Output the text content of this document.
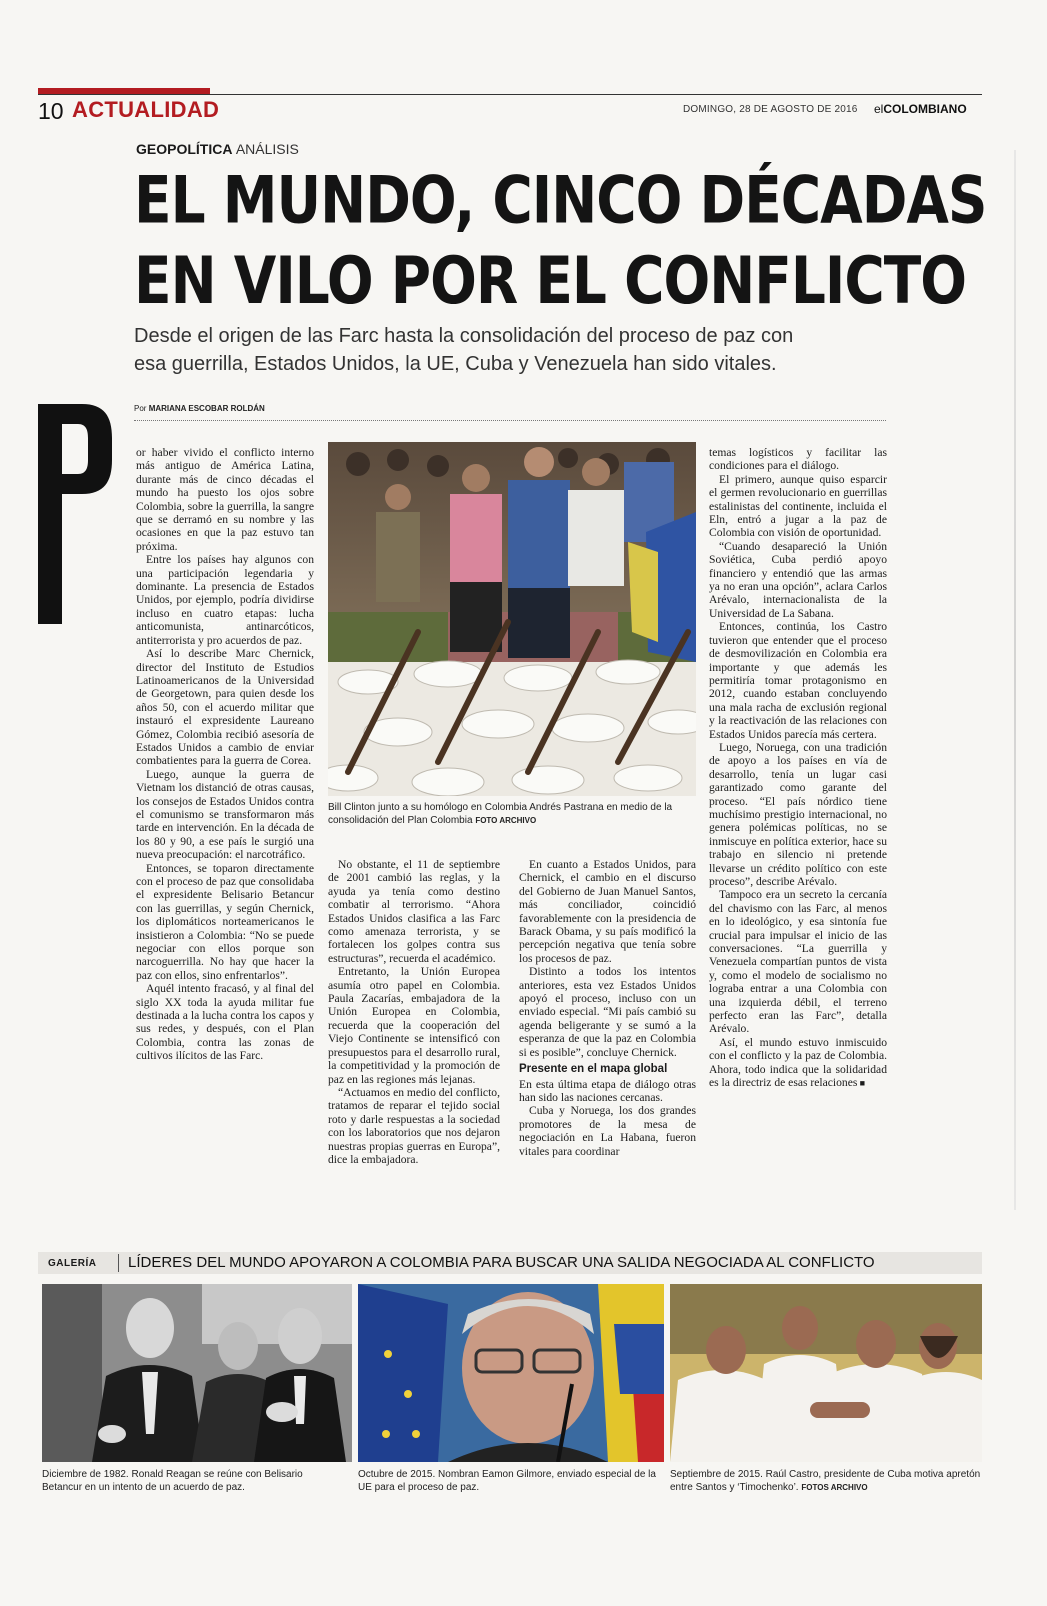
10 ACTUALIDAD	DOMINGO, 28 DE AGOSTO DE 2016 elCOLOMBIANO
GEOPOLÍTICA ANÁLISIS
EL MUNDO, CINCO DÉCADAS
EN VILO POR EL CONFLICTO
Desde el origen de las Farc hasta la consolidación del proceso de paz con
esa guerrilla, Estados Unidos, la UE, Cuba y Venezuela han sido vitales.
Por MARIANA ESCOBAR ROLDÁN

or haber vivido el conflicto interno más antiguo de América Latina, durante más de cinco décadas el mundo ha puesto los ojos sobre Colombia, sobre la guerrilla, la sangre que se derramó en su nombre y las ocasiones en que la paz estuvo tan próxima.

Entre los países hay algunos con una participación legendaria y dominante. La presencia de Estados Unidos, por ejemplo, podría dividirse incluso en cuatro etapas: lucha anticomunista, antinarcóticos, antiterrorista y pro acuerdos de paz.

Así lo describe Marc Chernick, director del Instituto de Estudios Latinoamericanos de la Universidad de Georgetown, para quien desde los años 50, con el acuerdo militar que instauró el expresidente Laureano Gómez, Colombia recibió asesoría de Estados Unidos a cambio de enviar combatientes para la guerra de Corea.

Luego, aunque la guerra de Vietnam los distanció de otras causas, los consejos de Estados Unidos contra el comunismo se transformaron más tarde en intervención. En la década de los 80 y 90, a ese país le surgió una nueva preocupación: el narcotráfico.

Entonces, se toparon directamente con el proceso de paz que consolidaba el expresidente Belisario Betancur con las guerrillas, y según Chernick, los diplomáticos norteamericanos le insistieron a Colombia: “No se puede negociar con ellos porque son narcoguerrilla. No hay que hacer la paz con ellos, sino enfrentarlos”.

Aquél intento fracasó, y al final del siglo XX toda la ayuda militar fue destinada a la lucha contra los capos y sus redes, y después, con el Plan Colombia, contra las zonas de cultivos ilícitos de las Farc.

Bill Clinton junto a su homólogo en Colombia Andrés Pastrana en medio de la consolidación del Plan Colombia FOTO ARCHIVO

No obstante, el 11 de septiembre de 2001 cambió las reglas, y la ayuda ya tenía como destino combatir al terrorismo. “Ahora Estados Unidos clasifica a las Farc como amenaza terrorista, y se fortalecen los golpes contra sus estructuras”, recuerda el académico.

Entretanto, la Unión Europea asumía otro papel en Colombia. Paula Zacarías, embajadora de la Unión Europea en Colombia, recuerda que la cooperación del Viejo Continente se intensificó con presupuestos para el desarrollo rural, la competitividad y la promoción de paz en las regiones más lejanas.

“Actuamos en medio del conflicto, tratamos de reparar el tejido social roto y darle respuestas a la sociedad con los laboratorios que nos dejaron nuestras propias guerras en Europa”, dice la embajadora.

En cuanto a Estados Unidos, para Chernick, el cambio en el discurso del Gobierno de Juan Manuel Santos, más conciliador, coincidió favorablemente con la presidencia de Barack Obama, y su país modificó la percepción negativa que tenía sobre los procesos de paz.

Distinto a todos los intentos anteriores, esta vez Estados Unidos apoyó el proceso, incluso con un enviado especial. “Mi país cambió su agenda beligerante y se sumó a la esperanza de que la paz en Colombia si es posible”, concluye Chernick.

Presente en el mapa global

En esta última etapa de diálogo otras han sido las naciones cercanas.

Cuba y Noruega, los dos grandes promotores de la mesa de negociación en La Habana, fueron vitales para coordinar

temas logísticos y facilitar las condiciones para el diálogo.

El primero, aunque quiso esparcir el germen revolucionario en guerrillas estalinistas del continente, incluida el Eln, entró a jugar a la paz de Colombia con visión de oportunidad.

“Cuando desapareció la Unión Soviética, Cuba perdió apoyo financiero y entendió que las armas ya no eran una opción”, aclara Carlos Arévalo, internacionalista de la Universidad de La Sabana.

Entonces, continúa, los Castro tuvieron que entender que el proceso de desmovilización en Colombia era importante y que además les permitiría tomar protagonismo en 2012, cuando estaban concluyendo una mala racha de exclusión regional y la reactivación de las relaciones con Estados Unidos parecía más certera.

Luego, Noruega, con una tradición de apoyo a los países en vía de desarrollo, tenía un lugar casi garantizado como garante del proceso. “El país nórdico tiene muchísimo prestigio internacional, no genera polémicas políticas, no se inmiscuye en política exterior, hace su trabajo en silencio ni pretende llevarse un crédito político con este proceso”, describe Arévalo.

Tampoco era un secreto la cercanía del chavismo con las Farc, al menos en lo ideológico, y esa sintonía fue crucial para impulsar el inicio de las conversaciones. “La guerrilla y Venezuela compartían puntos de vista y, como el modelo de socialismo no lograba entrar a una Colombia con una izquierda débil, el terreno perfecto eran las Farc”, detalla Arévalo.

Así, el mundo estuvo inmiscuido con el conflicto y la paz de Colombia. Ahora, todo indica que la solidaridad es la directriz de esas relaciones ■

GALERÍA LÍDERES DEL MUNDO APOYARON A COLOMBIA PARA BUSCAR UNA SALIDA NEGOCIADA AL CONFLICTO
Diciembre de 1982. Ronald Reagan se reúne con Belisario Betancur en un intento de un acuerdo de paz.
Octubre de 2015. Nombran Eamon Gilmore, enviado especial de la UE para el proceso de paz.
Septiembre de 2015. Raúl Castro, presidente de Cuba motiva apretón entre Santos y ‘Timochenko’. FOTOS ARCHIVO
